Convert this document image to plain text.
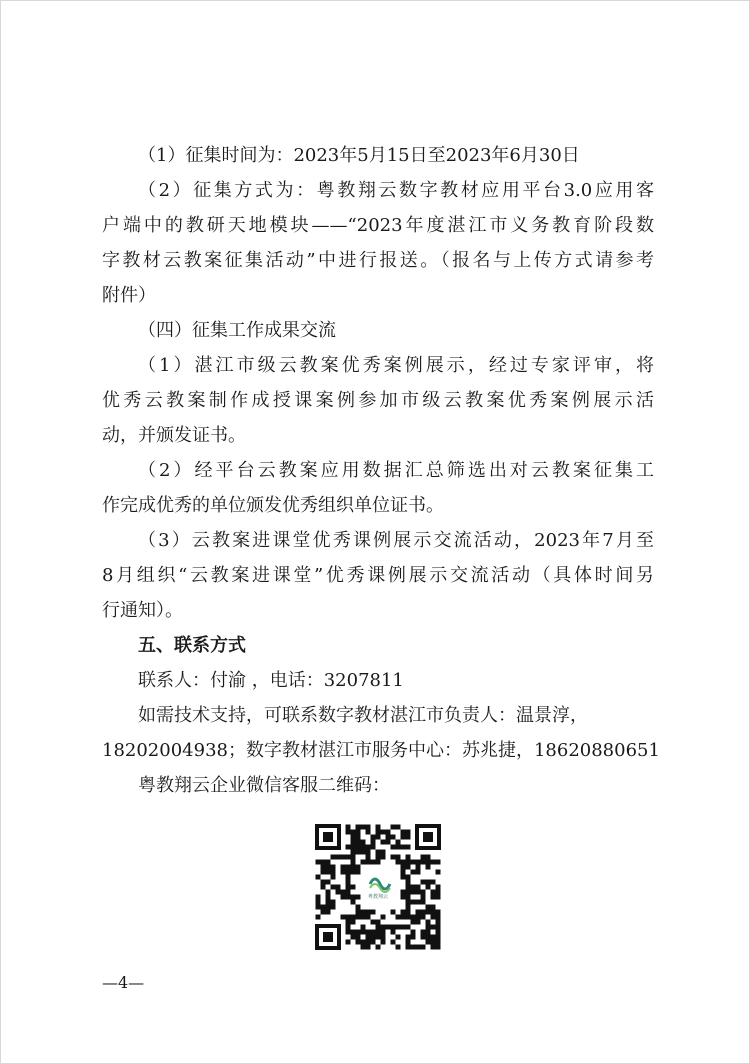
（1）征集时间为：2023年5月15日至2023年6月30日
（2）征集方式为：粤教翔云数字教材应用平台3.0应用客
户端中的教研天地模块——“2023年度湛江市义务教育阶段数
字教材云教案征集活动”中进行报送。（报名与上传方式请参考
附件）
（四）征集工作成果交流
（1）湛江市级云教案优秀案例展示，经过专家评审，将
优秀云教案制作成授课案例参加市级云教案优秀案例展示活
动，并颁发证书。
（2）经平台云教案应用数据汇总筛选出对云教案征集工
作完成优秀的单位颁发优秀组织单位证书。
（3）云教案进课堂优秀课例展示交流活动，2023年7月至
8月组织“云教案进课堂”优秀课例展示交流活动（具体时间另
行通知）。
五、联系方式
联系人：付渝 ，电话：3207811
如需技术支持，可联系数字教材湛江市负责人：温景淳，
18202004938；数字教材湛江市服务中心：苏兆捷，18620880651
粤教翔云企业微信客服二维码：
粤教翔云
—4—
